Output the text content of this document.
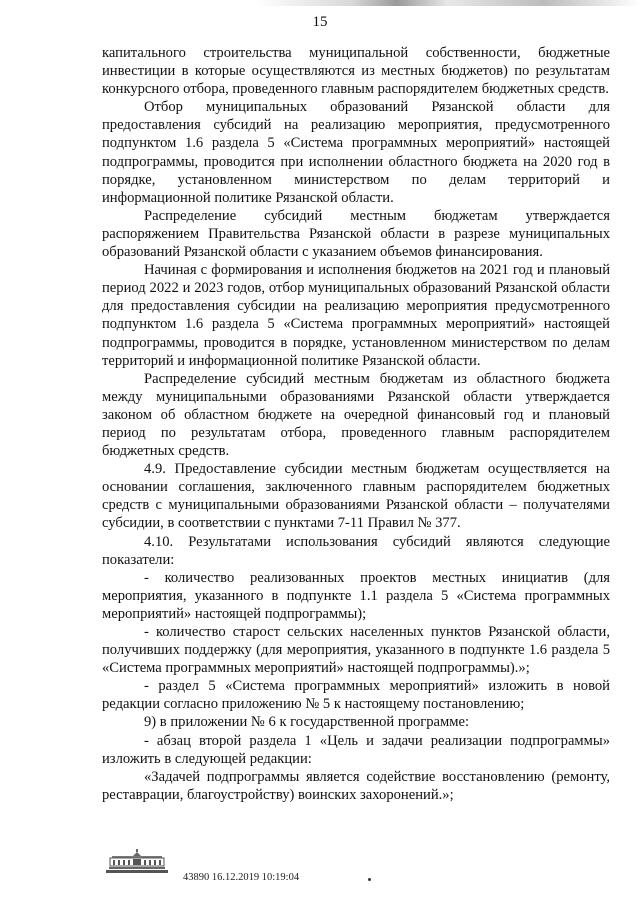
15

капитального строительства муниципальной собственности, бюджетные инвестиции в которые осуществляются из местных бюджетов) по результатам конкурсного отбора, проведенного главным распорядителем бюджетных средств.

Отбор муниципальных образований Рязанской области для предоставления субсидий на реализацию мероприятия, предусмотренного подпунктом 1.6 раздела 5 «Система программных мероприятий» настоящей подпрограммы, проводится при исполнении областного бюджета на 2020 год в порядке, установленном министерством по делам территорий и информационной политике Рязанской области.

Распределение субсидий местным бюджетам утверждается распоряжением Правительства Рязанской области в разрезе муниципальных образований Рязанской области с указанием объемов финансирования.

Начиная с формирования и исполнения бюджетов на 2021 год и плановый период 2022 и 2023 годов, отбор муниципальных образований Рязанской области для предоставления субсидии на реализацию мероприятия предусмотренного подпунктом 1.6 раздела 5 «Система программных мероприятий» настоящей подпрограммы, проводится в порядке, установленном министерством по делам территорий и информационной политике Рязанской области.

Распределение субсидий местным бюджетам из областного бюджета между муниципальными образованиями Рязанской области утверждается законом об областном бюджете на очередной финансовый год и плановый период по результатам отбора, проведенного главным распорядителем бюджетных средств.

4.9. Предоставление субсидии местным бюджетам осуществляется на основании соглашения, заключенного главным распорядителем бюджетных средств с муниципальными образованиями Рязанской области – получателями субсидии, в соответствии с пунктами 7-11 Правил № 377.

4.10. Результатами использования субсидий являются следующие показатели:

- количество реализованных проектов местных инициатив (для мероприятия, указанного в подпункте 1.1 раздела 5 «Система программных мероприятий» настоящей подпрограммы);

- количество старост сельских населенных пунктов Рязанской области, получивших поддержку (для мероприятия, указанного в подпункте 1.6 раздела 5 «Система программных мероприятий» настоящей подпрограммы).»;

- раздел 5 «Система программных мероприятий» изложить в новой редакции согласно приложению № 5 к настоящему постановлению;

9) в приложении № 6 к государственной программе:

- абзац второй раздела 1 «Цель и задачи реализации подпрограммы» изложить в следующей редакции:

«Задачей подпрограммы является содействие восстановлению (ремонту, реставрации, благоустройству) воинских захоронений.»;

43890 16.12.2019 10:19:04
